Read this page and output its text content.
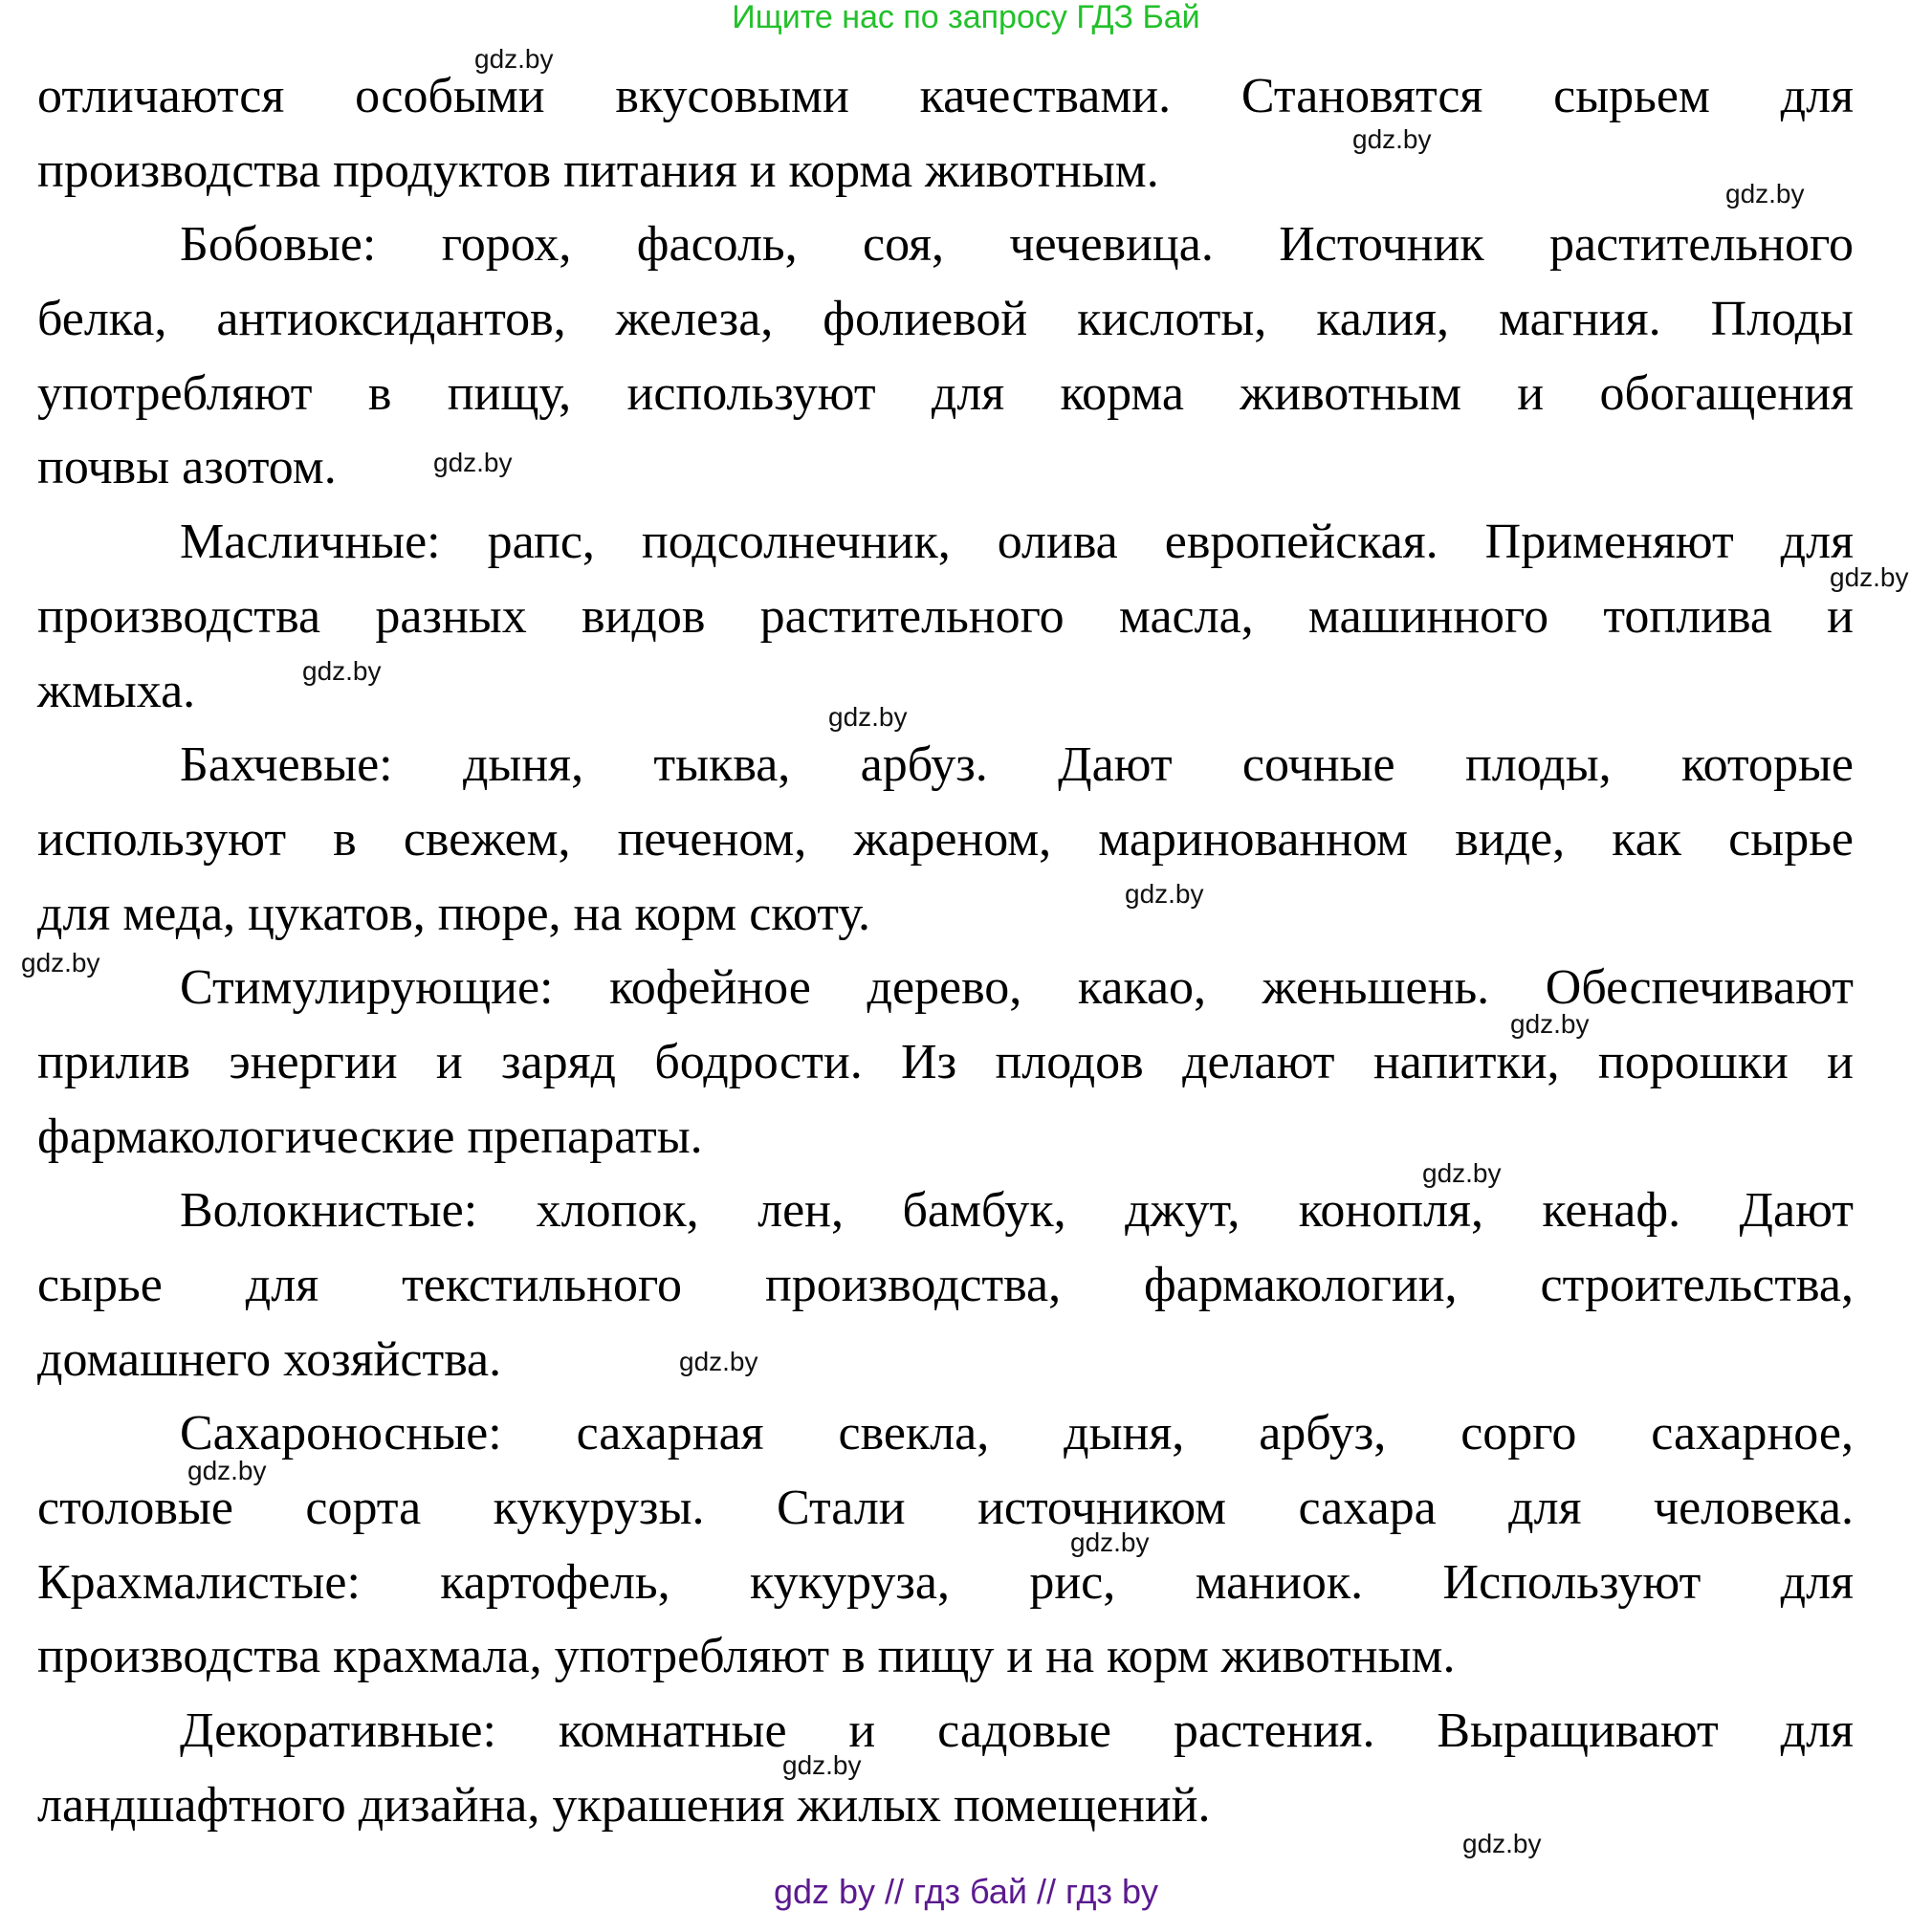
Ищите нас по запросу ГДЗ Бай
отличаются особыми вкусовыми качествами. Становятся сырьем для
производства продуктов питания и корма животным.
Бобовые: горох, фасоль, соя, чечевица. Источник растительного
белка, антиоксидантов, железа, фолиевой кислоты, калия, магния. Плоды
употребляют в пищу, используют для корма животным и обогащения
почвы азотом.
Масличные: рапс, подсолнечник, олива европейская. Применяют для
производства разных видов растительного масла, машинного топлива и
жмыха.
Бахчевые: дыня, тыква, арбуз. Дают сочные плоды, которые
используют в свежем, печеном, жареном, маринованном виде, как сырье
для меда, цукатов, пюре, на корм скоту.
Стимулирующие: кофейное дерево, какао, женьшень. Обеспечивают
прилив энергии и заряд бодрости. Из плодов делают напитки, порошки и
фармакологические препараты.
Волокнистые: хлопок, лен, бамбук, джут, конопля, кенаф. Дают
сырье для текстильного производства, фармакологии, строительства,
домашнего хозяйства.
Сахароносные: сахарная свекла, дыня, арбуз, сорго сахарное,
столовые сорта кукурузы. Стали источником сахара для человека.
Крахмалистые: картофель, кукуруза, рис, маниок. Используют для
производства крахмала, употребляют в пищу и на корм животным.
Декоративные: комнатные и садовые растения. Выращивают для
ландшафтного дизайна, украшения жилых помещений.
gdz.by
gdz.by
gdz.by
gdz.by
gdz.by
gdz.by
gdz.by
gdz.by
gdz.by
gdz.by
gdz.by
gdz.by
gdz.by
gdz.by
gdz.by
gdz.by
gdz by // гдз бай // гдз by
